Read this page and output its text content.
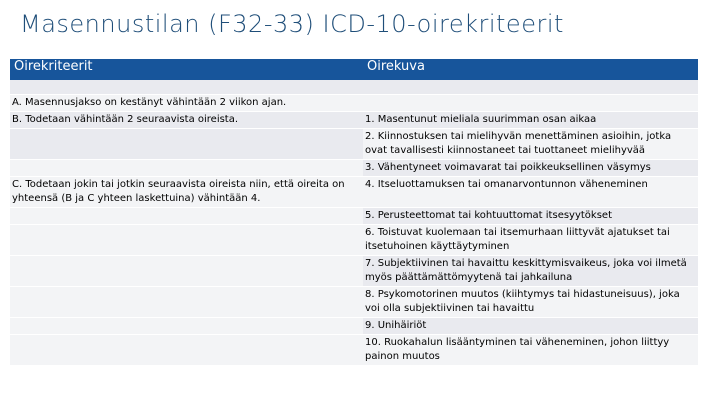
Masennustilan (F32-33) ICD-10-oirekriteerit
Oirekriteerit	Oirekuva
A. Masennusjakso on kestänyt vähintään 2 viikon ajan.
B. Todetaan vähintään 2 seuraavista oireista.	1. Masentunut mieliala suurimman osan aikaa
2. Kiinnostuksen tai mielihyvän menettäminen asioihin, jotka ovat tavallisesti kiinnostaneet tai tuottaneet mielihyvää
3. Vähentyneet voimavarat tai poikkeuksellinen väsymys
C. Todetaan jokin tai jotkin seuraavista oireista niin, että oireita on yhteensä (B ja C yhteen laskettuina) vähintään 4.
4. Itseluottamuksen tai omanarvontunnon väheneminen
5. Perusteettomat tai kohtuuttomat itsesyytökset
6. Toistuvat kuolemaan tai itsemurhaan liittyvät ajatukset tai itsetuhoinen käyttäytyminen
7. Subjektiivinen tai havaittu keskittymisvaikeus, joka voi ilmetä myös päättämättömyytenä tai jahkailuna
8. Psykomotorinen muutos (kiihtymys tai hidastuneisuus), joka voi olla subjektiivinen tai havaittu
9. Unihäiriöt
10. Ruokahalun lisääntyminen tai väheneminen, johon liittyy painon muutos
